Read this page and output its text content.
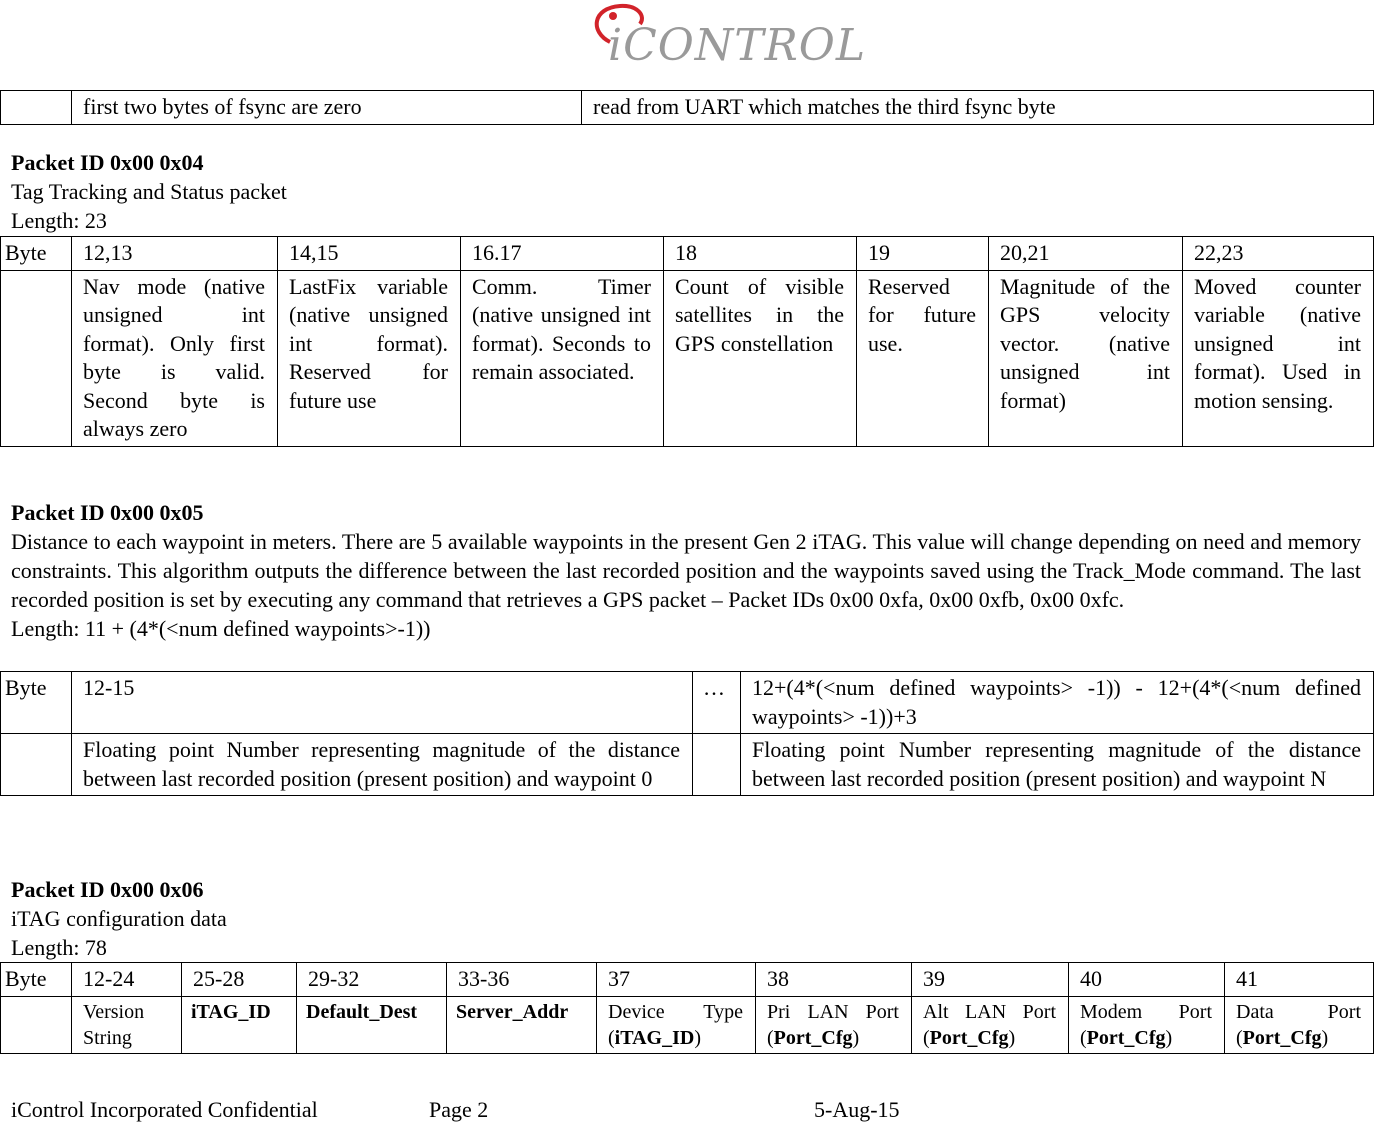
iCONTROL
	first two bytes of fsync are zero	read from UART which matches the third fsync byte
Packet ID 0x00 0x04
Tag Tracking and Status packet
Length: 23
Byte	12,13	14,15	16.17	18	19	20,21	22,23
	Nav mode (native unsigned int format). Only first byte is valid. Second byte is always zero	LastFix variable (native unsigned int format). Reserved for future use	Comm. Timer (native unsigned int format). Seconds to remain associated.	Count of visible satellites in the GPS constellation	Reserved for future use.	Magnitude of the GPS velocity vector. (native unsigned int format)	Moved counter variable (native unsigned int format). Used in motion sensing.
Packet ID 0x00 0x05
Distance to each waypoint in meters. There are 5 available waypoints in the present Gen 2 iTAG. This value will change depending on need and memory constraints. This algorithm outputs the difference between the last recorded position and the waypoints saved using the Track_Mode command. The last recorded position is set by executing any command that retrieves a GPS packet – Packet IDs 0x00 0xfa, 0x00 0xfb, 0x00 0xfc.
Length: 11 + (4*(<num defined waypoints>-1))
Byte	12-15	…	12+(4*(<num defined waypoints> -1)) - 12+(4*(<num defined waypoints> -1))+3
	Floating point Number representing magnitude of the distance between last recorded position (present position) and waypoint 0		Floating point Number representing magnitude of the distance between last recorded position (present position) and waypoint N
Packet ID 0x00 0x06
iTAG configuration data
Length: 78
Byte	12-24	25-28	29-32	33-36	37	38	39	40	41
	Version String	iTAG_ID	Default_Dest	Server_Addr	Device Type (iTAG_ID)	Pri LAN Port (Port_Cfg)	Alt LAN Port (Port_Cfg)	Modem Port (Port_Cfg)	Data Port (Port_Cfg)
iControl Incorporated Confidential	Page 2	5-Aug-15
